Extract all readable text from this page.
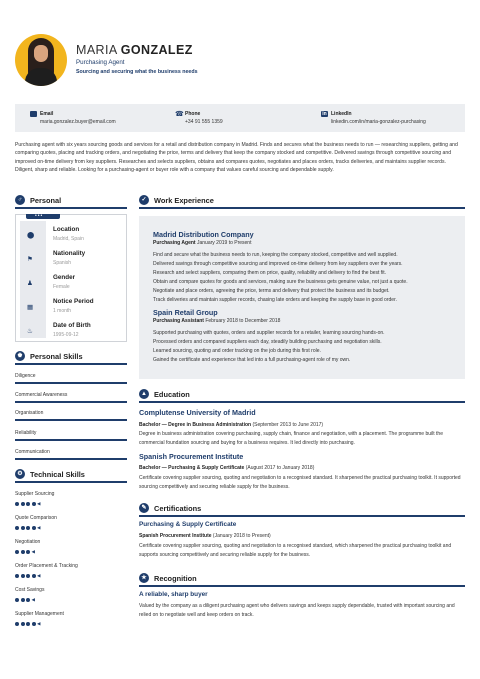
MARIA GONZALEZ
Purchasing Agent
Sourcing and securing what the business needs
Email
maria.gonzalez.buyer@email.com
☎ Phone
+34 91 555 1359
in LinkedIn
linkedin.com/in/maria-gonzalez-purchasing
Purchasing agent with six years sourcing goods and services for a retail and distribution company in Madrid. Finds and secures what the business needs to run — researching suppliers, getting and comparing quotes, placing and tracking orders, and negotiating the price, terms and delivery that keep the company stocked and competitive. Delivered savings through competitive sourcing and improved on-time delivery from key suppliers. Researches and selects suppliers, obtains and compares quotes, negotiates and places orders, tracks deliveries, and maintains supplier records. Diligent, sharp and reliable. Looking for a purchasing-agent or buyer role with a company that values careful sourcing and dependable supply.
♂	Personal
•••
⬤
Location
Madrid, Spain
⚑
Nationality
Spanish
♟
Gender
Female
▦
Notice Period
1 month
♨
Date of Birth
1995-09-12
♚ Personal Skills
Diligence
Commercial Awareness
Organisation
Reliability
Communication
⚙ Technical Skills
Supplier Sourcing
◀
Quote Comparison
◀
Negotiation
◀
Order Placement & Tracking
◀
Cost Savings
◀
Supplier Management
◀
✓	Work Experience
Madrid Distribution Company
Purchasing Agent January 2019 to Present
Find and secure what the business needs to run, keeping the company stocked, competitive and well supplied.
Delivered savings through competitive sourcing and improved on-time delivery from key suppliers over the years.
Research and select suppliers, comparing them on price, quality, reliability and delivery to find the best fit.
Obtain and compare quotes for goods and services, making sure the business gets genuine value, not just a quote.
Negotiate and place orders, agreeing the price, terms and delivery that protect the business and its budget.
Track deliveries and maintain supplier records, chasing late orders and keeping the supply base in good order.
Spain Retail Group
Purchasing Assistant February 2018 to December 2018
Supported purchasing with quotes, orders and supplier records for a retailer, learning sourcing hands-on.
Processed orders and compared suppliers each day, steadily building purchasing and negotiation skills.
Learned sourcing, quoting and order tracking on the job during this first role.
Gained the certificate and experience that led into a full purchasing-agent role of my own.
▲ Education
Complutense University of Madrid
Bachelor — Degree in Business Administration (September 2013 to June 2017)
Degree in business administration covering purchasing, supply chain, finance and negotiation, with a placement. The programme built the commercial foundation sourcing and buying for a business requires. It led directly into purchasing.
Spanish Procurement Institute
Bachelor — Purchasing & Supply Certificate (August 2017 to January 2018)
Certificate covering supplier sourcing, quoting and negotiation to a recognised standard. It sharpened the practical purchasing toolkit. It supported sourcing competitively and securing reliable supply for the business.
✎	Certifications
Purchasing & Supply Certificate
Spanish Procurement Institute (January 2018 to Present)
Certificate covering supplier sourcing, quoting and negotiation to a recognised standard, which sharpened the practical purchasing toolkit and supports sourcing competitively and securing reliable supply for the business.
★ Recognition
A reliable, sharp buyer
Valued by the company as a diligent purchasing agent who delivers savings and keeps supply dependable, trusted with important sourcing and relied on to negotiate well and keep orders on track.
